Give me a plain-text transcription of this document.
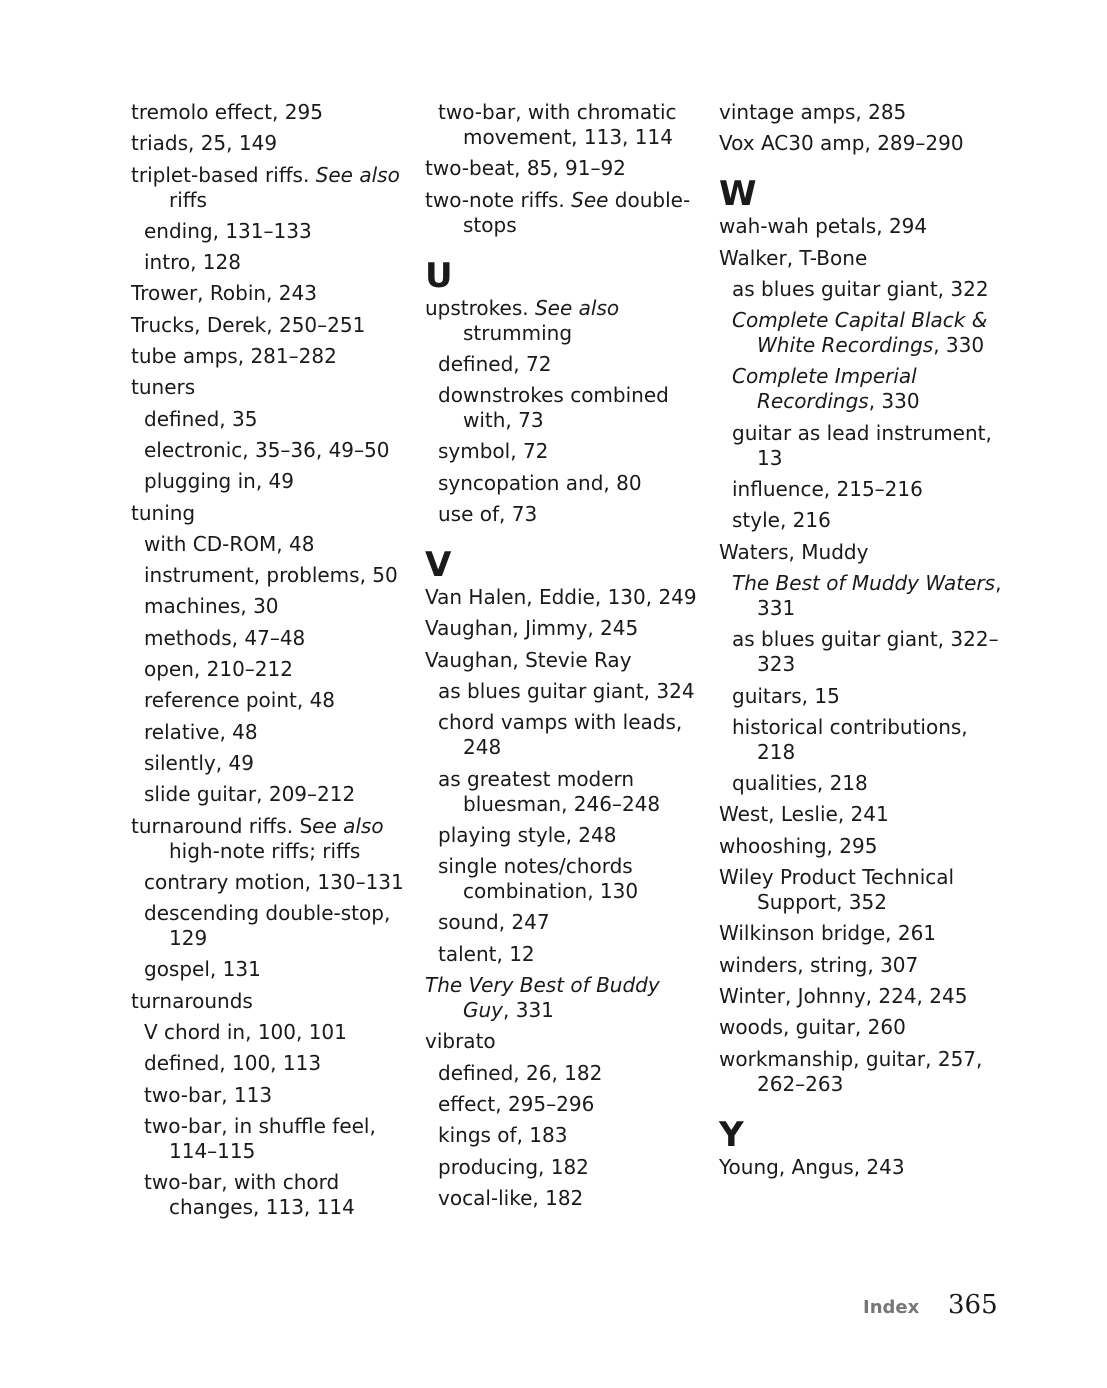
tremolo effect, 295
triads, 25, 149
triplet-based riffs. See also riffs
ending, 131–133
intro, 128
Trower, Robin, 243
Trucks, Derek, 250–251
tube amps, 281–282
tuners
defined, 35
electronic, 35–36, 49–50
plugging in, 49
tuning
with CD-ROM, 48
instrument, problems, 50
machines, 30
methods, 47–48
open, 210–212
reference point, 48
relative, 48
silently, 49
slide guitar, 209–212
turnaround riffs. See also high-note riffs; riffs
contrary motion, 130–131
descending double-stop, 129
gospel, 131
turnarounds
V chord in, 100, 101
defined, 100, 113
two-bar, 113
two-bar, in shuffle feel, 114–115
two-bar, with chord changes, 113, 114
two-bar, with chromatic movement, 113, 114
two-beat, 85, 91–92
two-note riffs. See double-stops
U
upstrokes. See also strumming
defined, 72
downstrokes combined with, 73
symbol, 72
syncopation and, 80
use of, 73
V
Van Halen, Eddie, 130, 249
Vaughan, Jimmy, 245
Vaughan, Stevie Ray
as blues guitar giant, 324
chord vamps with leads, 248
as greatest modern bluesman, 246–248
playing style, 248
single notes/chords combination, 130
sound, 247
talent, 12
The Very Best of Buddy Guy, 331
vibrato
defined, 26, 182
effect, 295–296
kings of, 183
producing, 182
vocal-like, 182
vintage amps, 285
Vox AC30 amp, 289–290
W
wah-wah petals, 294
Walker, T-Bone
as blues guitar giant, 322
Complete Capital Black & White Recordings, 330
Complete Imperial Recordings, 330
guitar as lead instrument, 13
influence, 215–216
style, 216
Waters, Muddy
The Best of Muddy Waters, 331
as blues guitar giant, 322–323
guitars, 15
historical contributions, 218
qualities, 218
West, Leslie, 241
whooshing, 295
Wiley Product Technical Support, 352
Wilkinson bridge, 261
winders, string, 307
Winter, Johnny, 224, 245
woods, guitar, 260
workmanship, guitar, 257, 262–263
Y
Young, Angus, 243
Index 365
